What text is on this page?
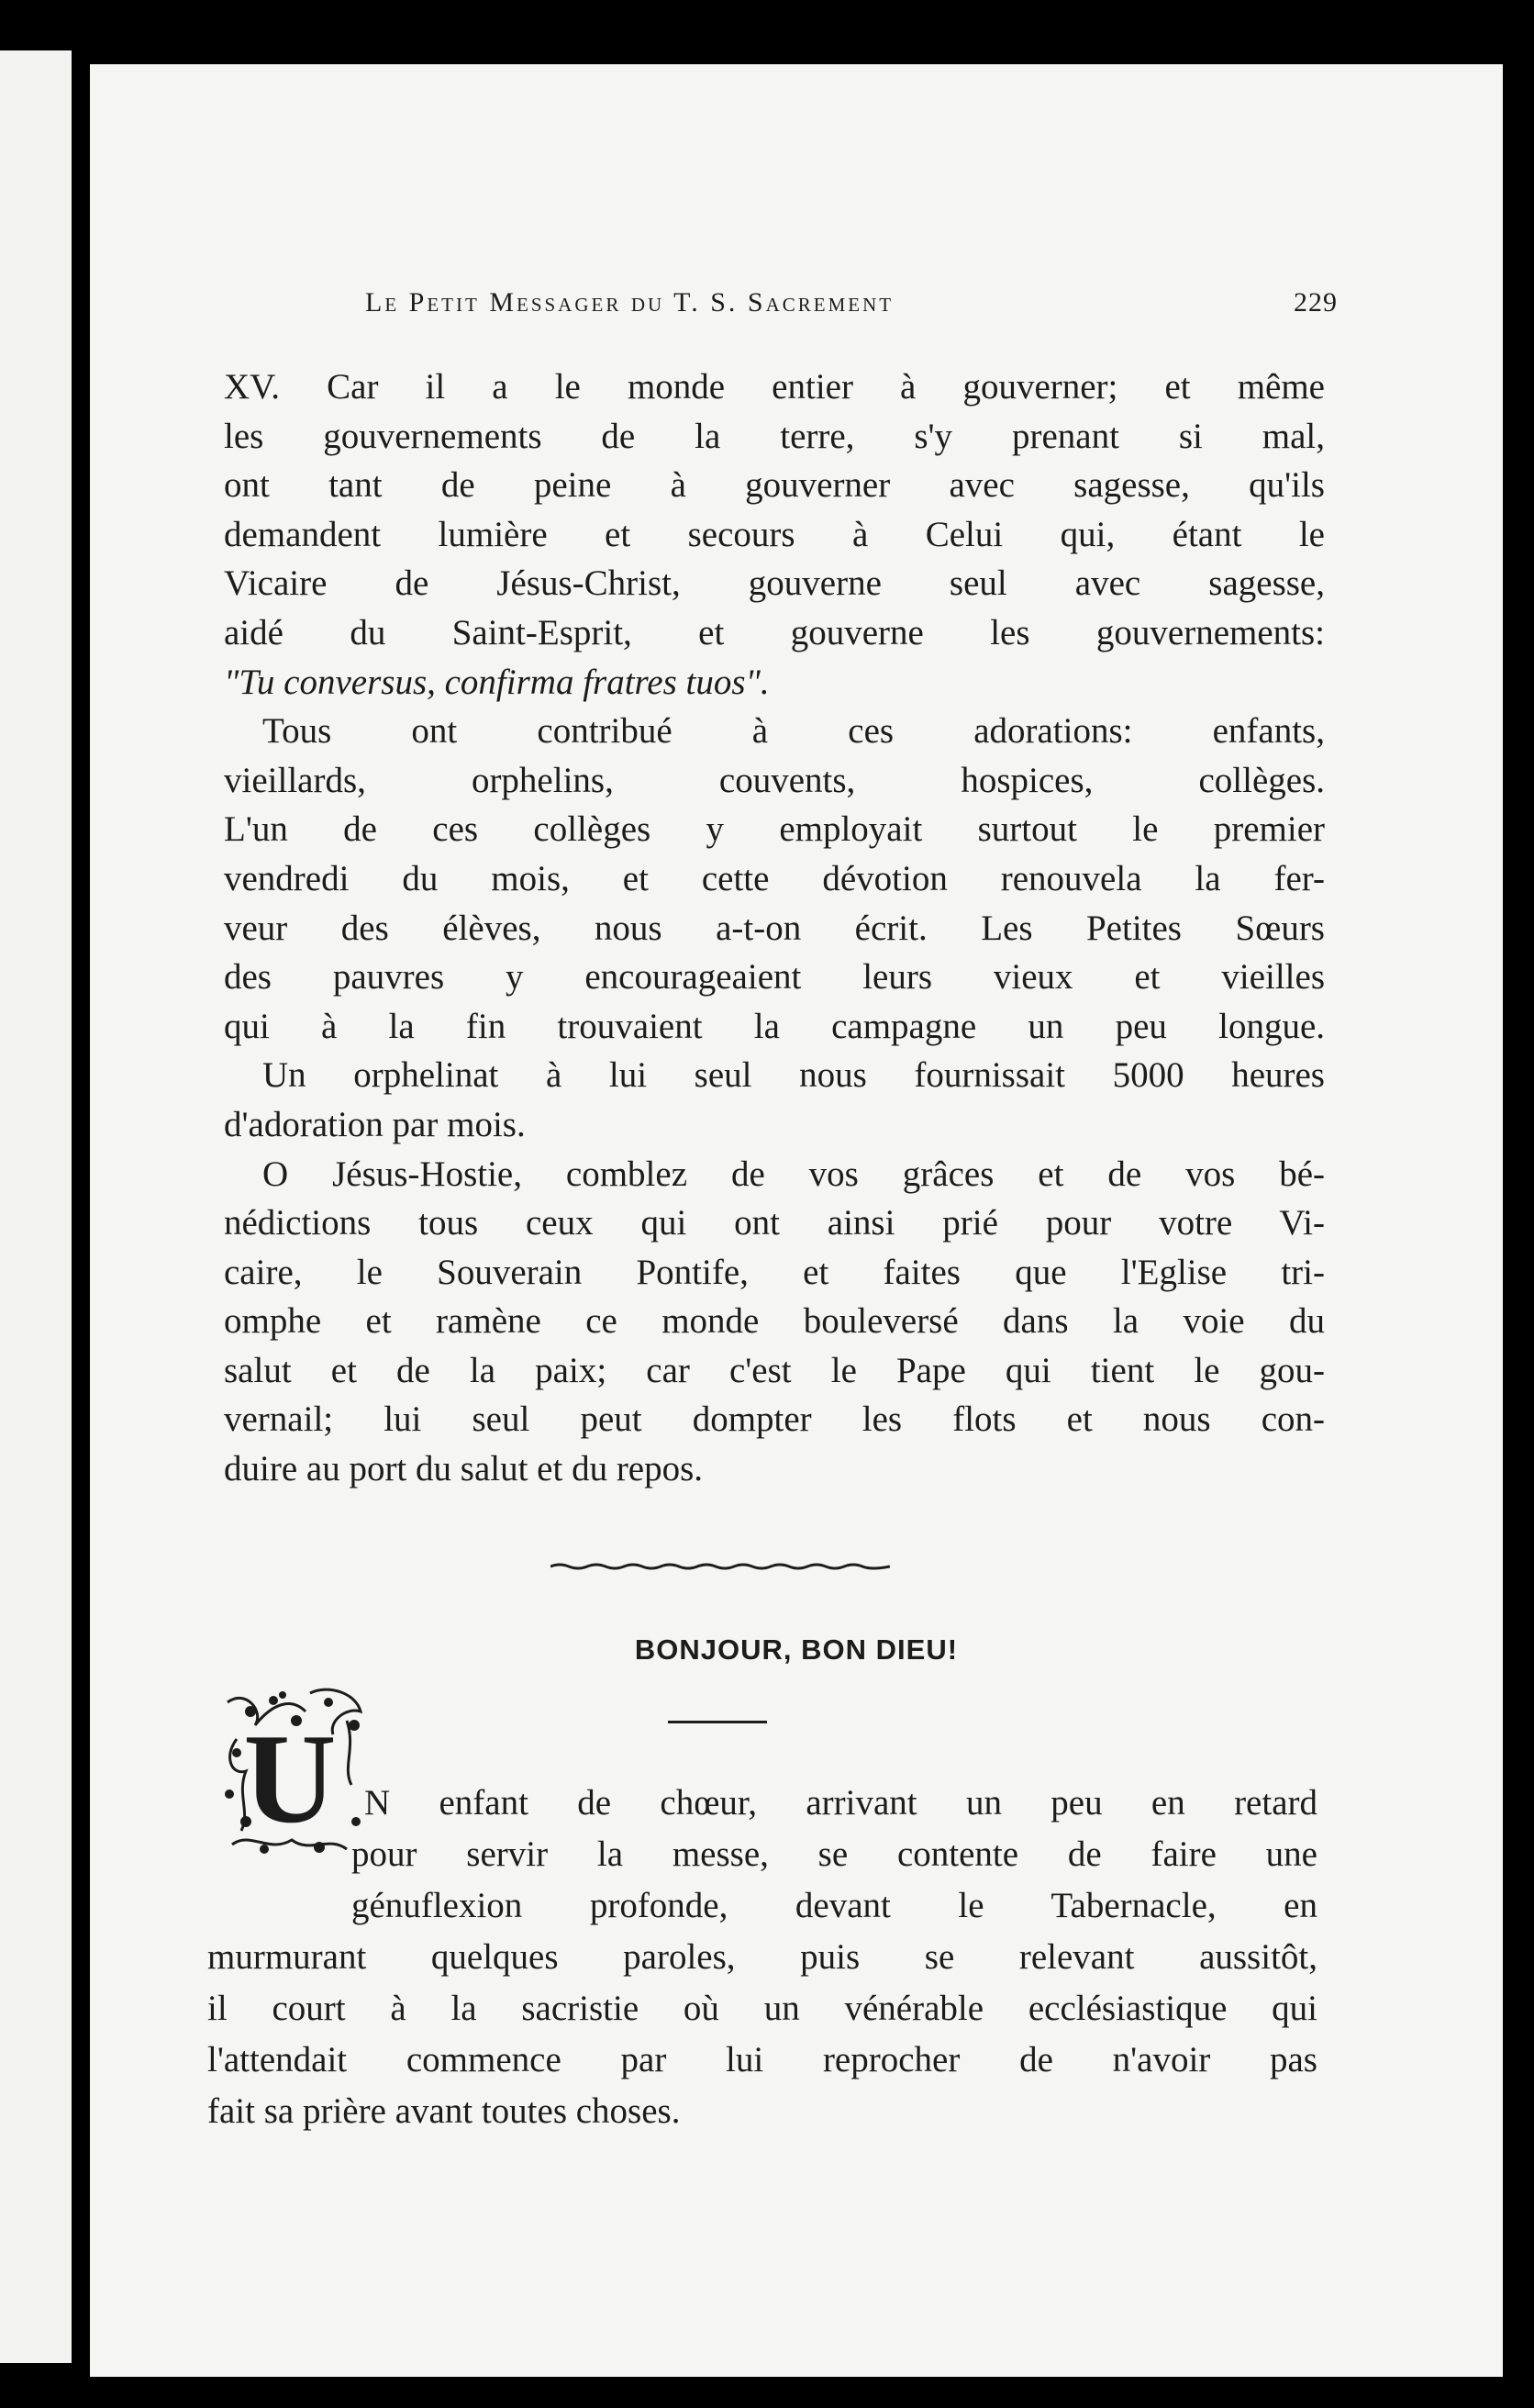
Le Petit Messager du T. S. Sacrement	229
XV. Car il a le monde entier à gouverner; et même
les gouvernements de la terre, s'y prenant si mal,
ont tant de peine à gouverner avec sagesse, qu'ils
demandent lumière et secours à Celui qui, étant le
Vicaire de Jésus-Christ, gouverne seul avec sagesse,
aidé du Saint-Esprit, et gouverne les gouvernements:
"Tu conversus, confirma fratres tuos".
Tous ont contribué à ces adorations: enfants,
vieillards, orphelins, couvents, hospices, collèges.
L'un de ces collèges y employait surtout le premier
vendredi du mois, et cette dévotion renouvela la fer-
veur des élèves, nous a-t-on écrit. Les Petites Sœurs
des pauvres y encourageaient leurs vieux et vieilles
qui à la fin trouvaient la campagne un peu longue.
Un orphelinat à lui seul nous fournissait 5000 heures
d'adoration par mois.
O Jésus-Hostie, comblez de vos grâces et de vos bé-
nédictions tous ceux qui ont ainsi prié pour votre Vi-
caire, le Souverain Pontife, et faites que l'Eglise tri-
omphe et ramène ce monde bouleversé dans la voie du
salut et de la paix; car c'est le Pape qui tient le gou-
vernail; lui seul peut dompter les flots et nous con-
duire au port du salut et du repos.
BONJOUR, BON DIEU!
U N enfant de chœur, arrivant un peu en retard
pour servir la messe, se contente de faire une
génuflexion profonde, devant le Tabernacle, en
murmurant quelques paroles, puis se relevant aussitôt,
il court à la sacristie où un vénérable ecclésiastique qui
l'attendait commence par lui reprocher de n'avoir pas
fait sa prière avant toutes choses.
